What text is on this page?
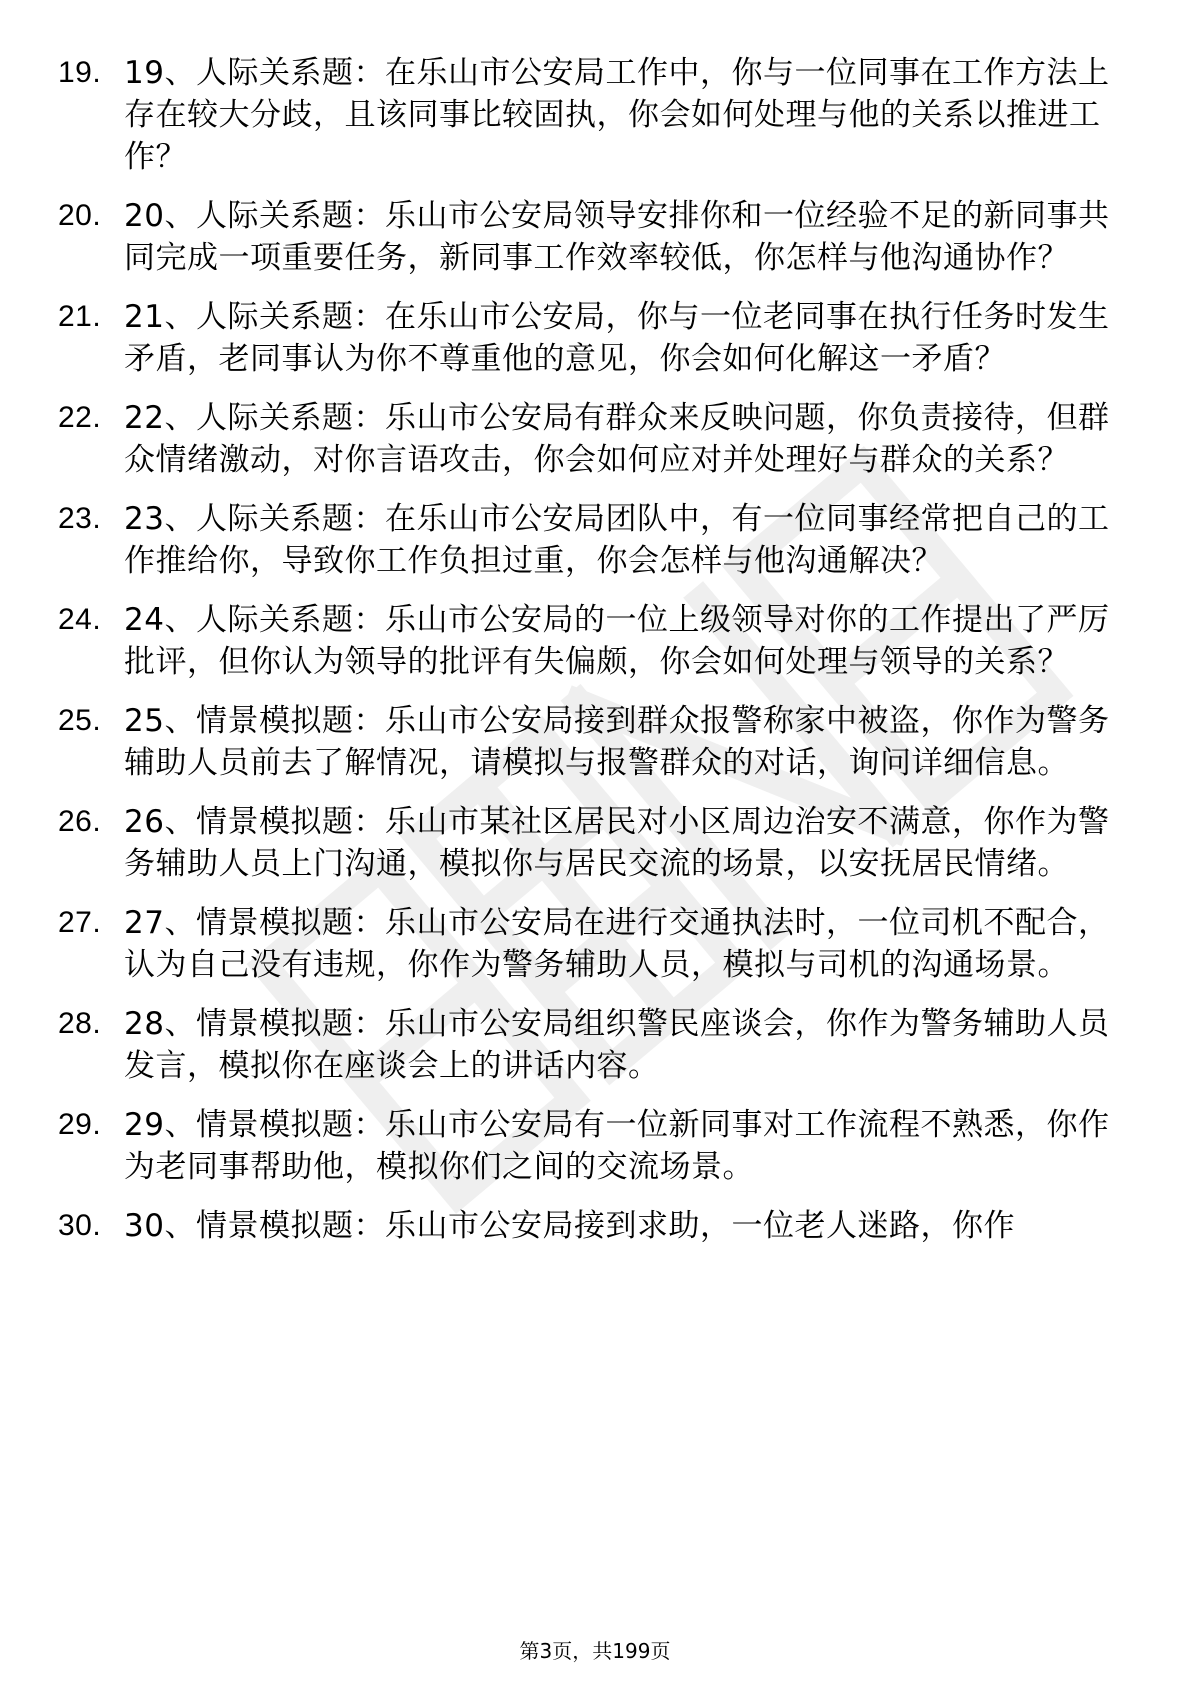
19. 19、人际关系题：在乐山市公安局工作中，你与一位同事在工作方法上存在较大分歧，且该同事比较固执，你会如何处理与他的关系以推进工作？
20. 20、人际关系题：乐山市公安局领导安排你和一位经验不足的新同事共同完成一项重要任务，新同事工作效率较低，你怎样与他沟通协作？
21. 21、人际关系题：在乐山市公安局，你与一位老同事在执行任务时发生矛盾，老同事认为你不尊重他的意见，你会如何化解这一矛盾？
22. 22、人际关系题：乐山市公安局有群众来反映问题，你负责接待，但群众情绪激动，对你言语攻击，你会如何应对并处理好与群众的关系？
23. 23、人际关系题：在乐山市公安局团队中，有一位同事经常把自己的工作推给你，导致你工作负担过重，你会怎样与他沟通解决？
24. 24、人际关系题：乐山市公安局的一位上级领导对你的工作提出了严厉批评，但你认为领导的批评有失偏颇，你会如何处理与领导的关系？
25. 25、情景模拟题：乐山市公安局接到群众报警称家中被盗，你作为警务辅助人员前去了解情况，请模拟与报警群众的对话，询问详细信息。
26. 26、情景模拟题：乐山市某社区居民对小区周边治安不满意，你作为警务辅助人员上门沟通，模拟你与居民交流的场景，以安抚居民情绪。
27. 27、情景模拟题：乐山市公安局在进行交通执法时，一位司机不配合，认为自己没有违规，你作为警务辅助人员，模拟与司机的沟通场景。
28. 28、情景模拟题：乐山市公安局组织警民座谈会，你作为警务辅助人员发言，模拟你在座谈会上的讲话内容。
29. 29、情景模拟题：乐山市公安局有一位新同事对工作流程不熟悉，你作为老同事帮助他，模拟你们之间的交流场景。
30. 30、情景模拟题：乐山市公安局接到求助，一位老人迷路，你作
第3页，共199页
